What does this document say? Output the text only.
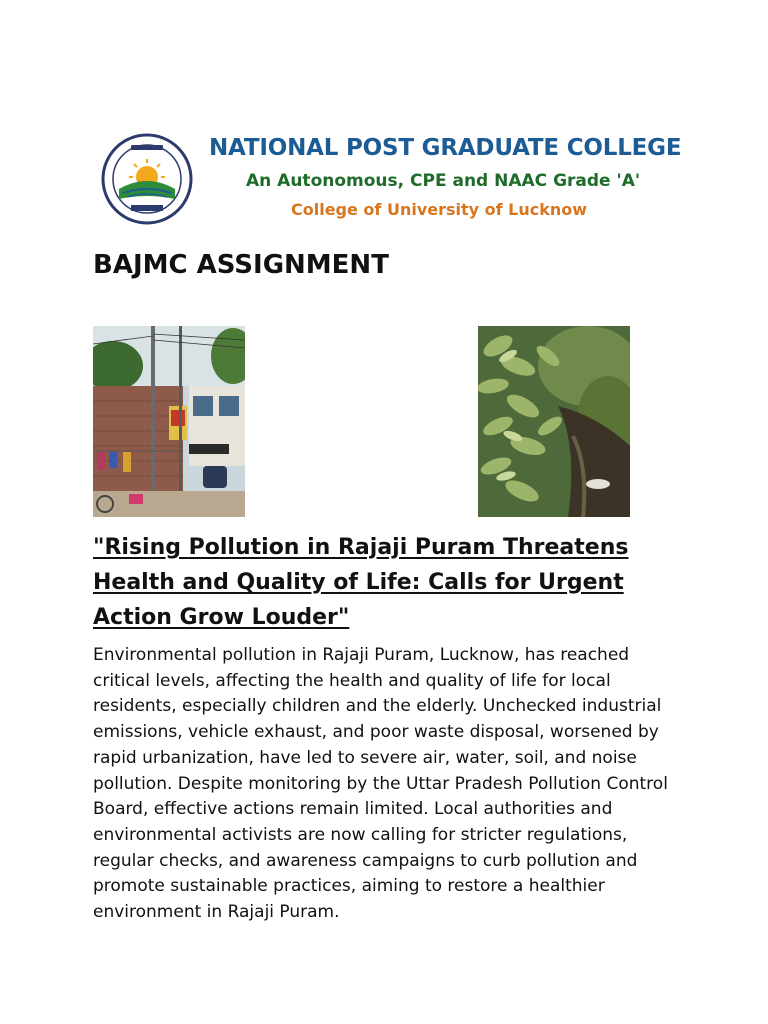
NATIONAL POST GRADUATE COLLEGE
An Autonomous, CPE and NAAC Grade 'A'
College of University of Lucknow
BAJMC ASSIGNMENT
"Rising Pollution in Rajaji Puram Threatens Health and Quality of Life: Calls for Urgent Action Grow Louder"
Environmental pollution in Rajaji Puram, Lucknow, has reached critical levels, affecting the health and quality of life for local residents, especially children and the elderly. Unchecked industrial emissions, vehicle exhaust, and poor waste disposal, worsened by rapid urbanization, have led to severe air, water, soil, and noise pollution. Despite monitoring by the Uttar Pradesh Pollution Control Board, effective actions remain limited. Local authorities and environmental activists are now calling for stricter regulations, regular checks, and awareness campaigns to curb pollution and promote sustainable practices, aiming to restore a healthier environment in Rajaji Puram.
